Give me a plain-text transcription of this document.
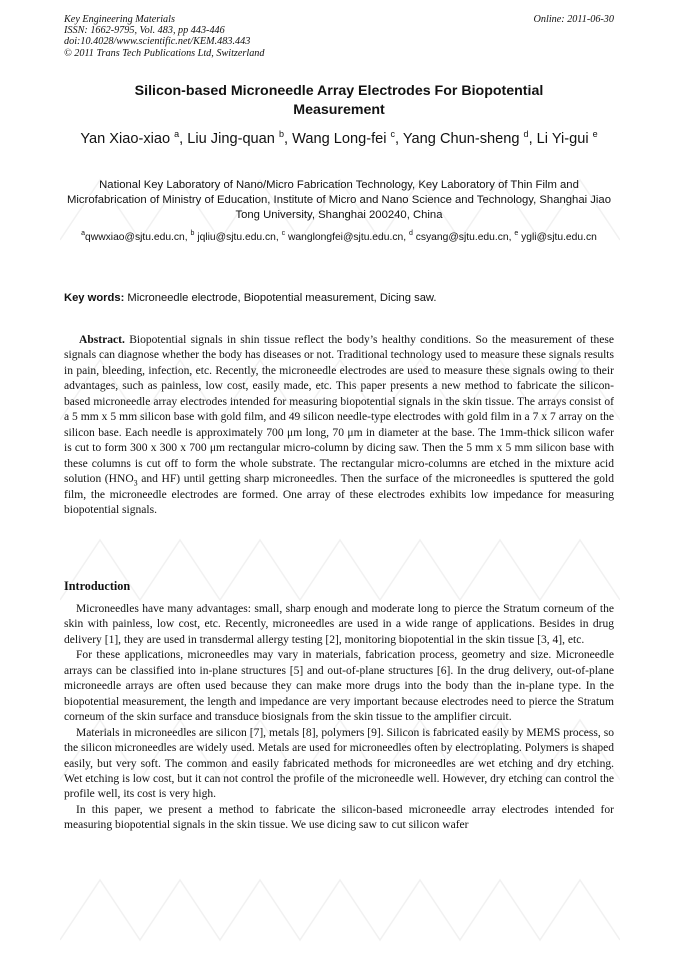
Key Engineering Materials
ISSN: 1662-9795, Vol. 483, pp 443-446
doi:10.4028/www.scientific.net/KEM.483.443
© 2011 Trans Tech Publications Ltd, Switzerland
Online: 2011-06-30
Silicon-based Microneedle Array Electrodes For Biopotential Measurement
Yan Xiao-xiao $^a$, Liu Jing-quan $^b$, Wang Long-fei $^c$, Yang Chun-sheng $^d$, Li Yi-gui $^e$
National Key Laboratory of Nano/Micro Fabrication Technology, Key Laboratory of Thin Film and Microfabrication of Ministry of Education, Institute of Micro and Nano Science and Technology, Shanghai Jiao Tong University, Shanghai 200240, China
$^a$qwwxiao@sjtu.edu.cn, $^b$ jqliu@sjtu.edu.cn, $^c$ wanglongfei@sjtu.edu.cn, $^d$ csyang@sjtu.edu.cn, $^e$ ygli@sjtu.edu.cn
Key words: Microneedle electrode, Biopotential measurement, Dicing saw.

Abstract. Biopotential signals in shin tissue reflect the body’s healthy conditions. So the measurement of these signals can diagnose whether the body has diseases or not. Traditional technology used to measure these signals results in pain, bleeding, infection, etc. Recently, the microneedle electrodes are used to measure these signals owing to their advantages, such as painless, low cost, easily made, etc. This paper presents a new method to fabricate the silicon-based microneedle array electrodes intended for measuring biopotential signals in the skin tissue. The arrays consist of a 5 mm x 5 mm silicon base with gold film, and 49 silicon needle-type electrodes with gold film in a 7 x 7 array on the silicon base. Each needle is approximately 700 μm long, 70 μm in diameter at the base. The 1mm-thick silicon wafer is cut to form 300 x 300 x 700 μm rectangular micro-column by dicing saw. Then the 5 mm x 5 mm silicon base with these columns is cut off to form the whole substrate. The rectangular micro-columns are etched in the mixture acid solution ($HNO_3$ and HF) until getting sharp microneedles. Then the surface of the microneedles is sputtered the gold film, the microneedle electrodes are formed. One array of these electrodes exhibits low impedance for measuring biopotential signals.

Introduction

Microneedles have many advantages: small, sharp enough and moderate long to pierce the Stratum corneum of the skin with painless, low cost, etc. Recently, microneedles are used in a wide range of applications. Besides in drug delivery [1], they are used in transdermal allergy testing [2], monitoring biopotential in the skin tissue [3, 4], etc.

For these applications, microneedles may vary in materials, fabrication process, geometry and size. Microneedle arrays can be classified into in-plane structures [5] and out-of-plane structures [6]. In the drug delivery, out-of-plane microneedle arrays are often used because they can make more drugs into the body than the in-plane type. In the biopotential measurement, the length and impedance are very important because electrodes need to pierce the Stratum corneum of the skin surface and transduce biosignals from the skin tissue to the amplifier circuit.

Materials in microneedles are silicon [7], metals [8], polymers [9]. Silicon is fabricated easily by MEMS process, so the silicon microneedles are widely used. Metals are used for microneedles often by electroplating. Polymers is shaped easily, but very soft. The common and easily fabricated methods for microneedles are wet etching and dry etching. Wet etching is low cost, but it can not control the profile of the microneedle well. However, dry etching can control the profile well, its cost is very high.

In this paper, we present a method to fabricate the silicon-based microneedle array electrodes intended for measuring biopotential signals in the skin tissue. We use dicing saw to cut silicon wafer
